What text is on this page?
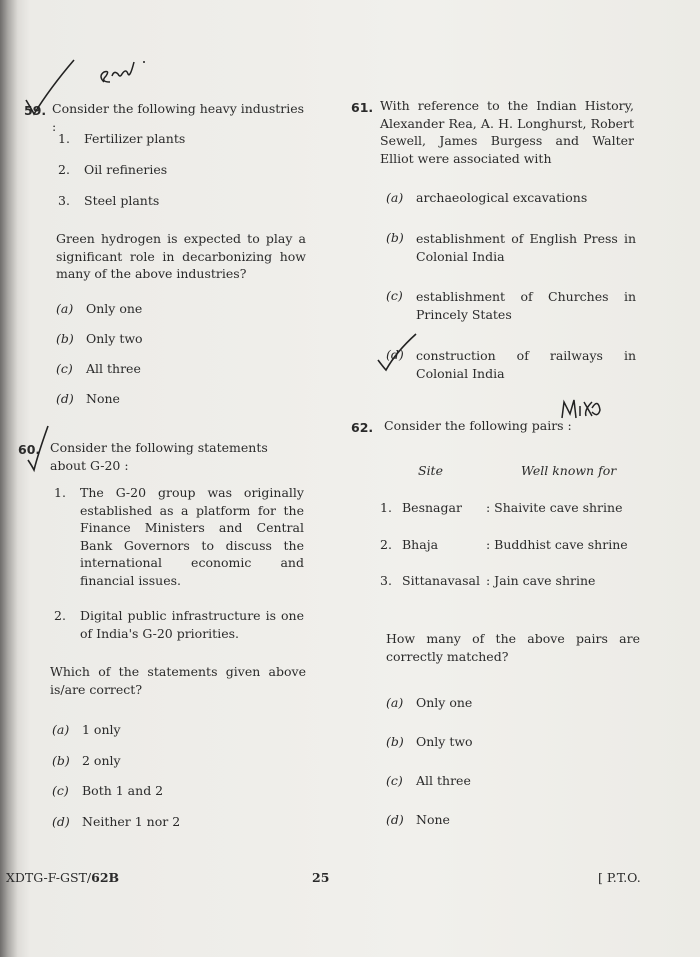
59. Consider the following heavy industries :
1. Fertilizer plants
2. Oil refineries
3. Steel plants
Green hydrogen is expected to play a significant role in decarbonizing how many of the above industries?
(a) Only one
(b) Only two
(c) All three
(d) None
60. Consider the following statements about G-20 :
1. The G-20 group was originally established as a platform for the Finance Ministers and Central Bank Governors to discuss the international economic and financial issues.
2. Digital public infrastructure is one of India's G-20 priorities.
Which of the statements given above is/are correct?
(a) 1 only
(b) 2 only
(c) Both 1 and 2
(d) Neither 1 nor 2
61. With reference to the Indian History, Alexander Rea, A. H. Longhurst, Robert Sewell, James Burgess and Walter Elliot were associated with
(a) archaeological excavations
(b) establishment of English Press in Colonial India
(c)	establishment of Churches in Princely States
(d) construction of railways in Colonial India
62. Consider the following pairs :
Site	Well known for
1. Besnagar : Shaivite cave shrine
2. Bhaja	: Buddhist cave shrine
3. Sittanavasal : Jain cave shrine
How many of the above pairs are correctly matched?
(a) Only one
(b) Only two
(c) All three
(d) None
XDTG-F-GST/62B	25	[ P.T.O.
